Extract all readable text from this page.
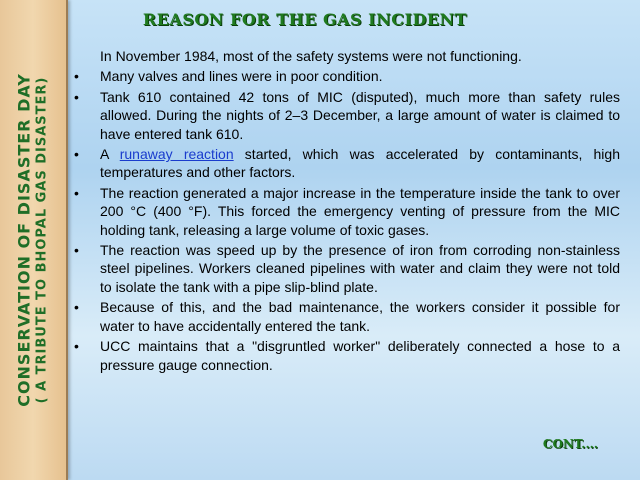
CONSERVATION OF DISASTER DAY ( A TRIBUTE TO BHOPAL GAS DISASTER)
REASON FOR THE GAS INCIDENT
In November 1984, most of the safety systems were not functioning.
•	Many valves and lines were in poor condition.
•	Tank 610 contained 42 tons of MIC (disputed), much more than safety rules allowed. During the nights of 2–3 December, a large amount of water is claimed to have entered tank 610.
•	A runaway reaction started, which was accelerated by contaminants, high temperatures and other factors.
•	The reaction generated a major increase in the temperature inside the tank to over 200 °C (400 °F). This forced the emergency venting of pressure from the MIC holding tank, releasing a large volume of toxic gases.
•	The reaction was speed up by the presence of iron from corroding non-stainless steel pipelines. Workers cleaned pipelines with water and claim they were not told to isolate the tank with a pipe slip-blind plate.
•	Because of this, and the bad maintenance, the workers consider it possible for water to have accidentally entered the tank.
•	UCC maintains that a "disgruntled worker" deliberately connected a hose to a pressure gauge connection.
CONT....
